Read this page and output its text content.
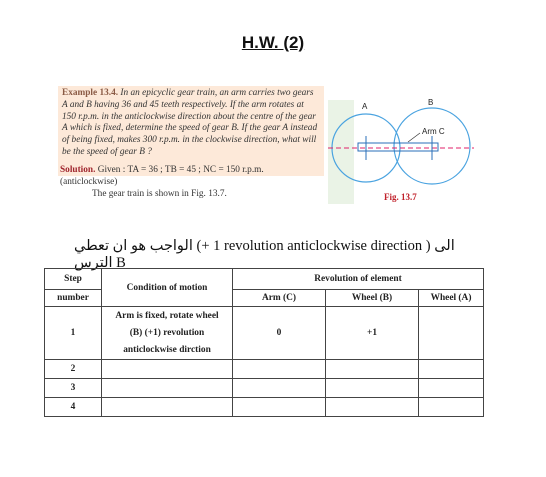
H.W. (2)

Example 13.4. In an epicyclic gear train, an arm carries two gears A and B having 36 and 45 teeth respectively. If the arm rotates at 150 r.p.m. in the anticlockwise direction about the centre of the gear A which is fixed, determine the speed of gear B. If the gear A instead of being fixed, makes 300 r.p.m. in the clockwise direction, what will be the speed of gear B ?

Solution. Given : TA = 36 ; TB = 45 ; NC = 150 r.p.m.
(anticlockwise)
The gear train is shown in Fig. 13.7.
A	B
Arm C
Fig. 13.7
الواجب هو ان تعطي (+ 1 revolution anticlockwise direction ) الى الترس B
Step	Condition of motion	Revolution of element		
number		Arm (C)	Wheel (B)	Wheel (A)
1	Arm is fixed, rotate wheel
(B) (+1) revolution
anticlockwise dirction	0	+1	
2				
3				
4				
